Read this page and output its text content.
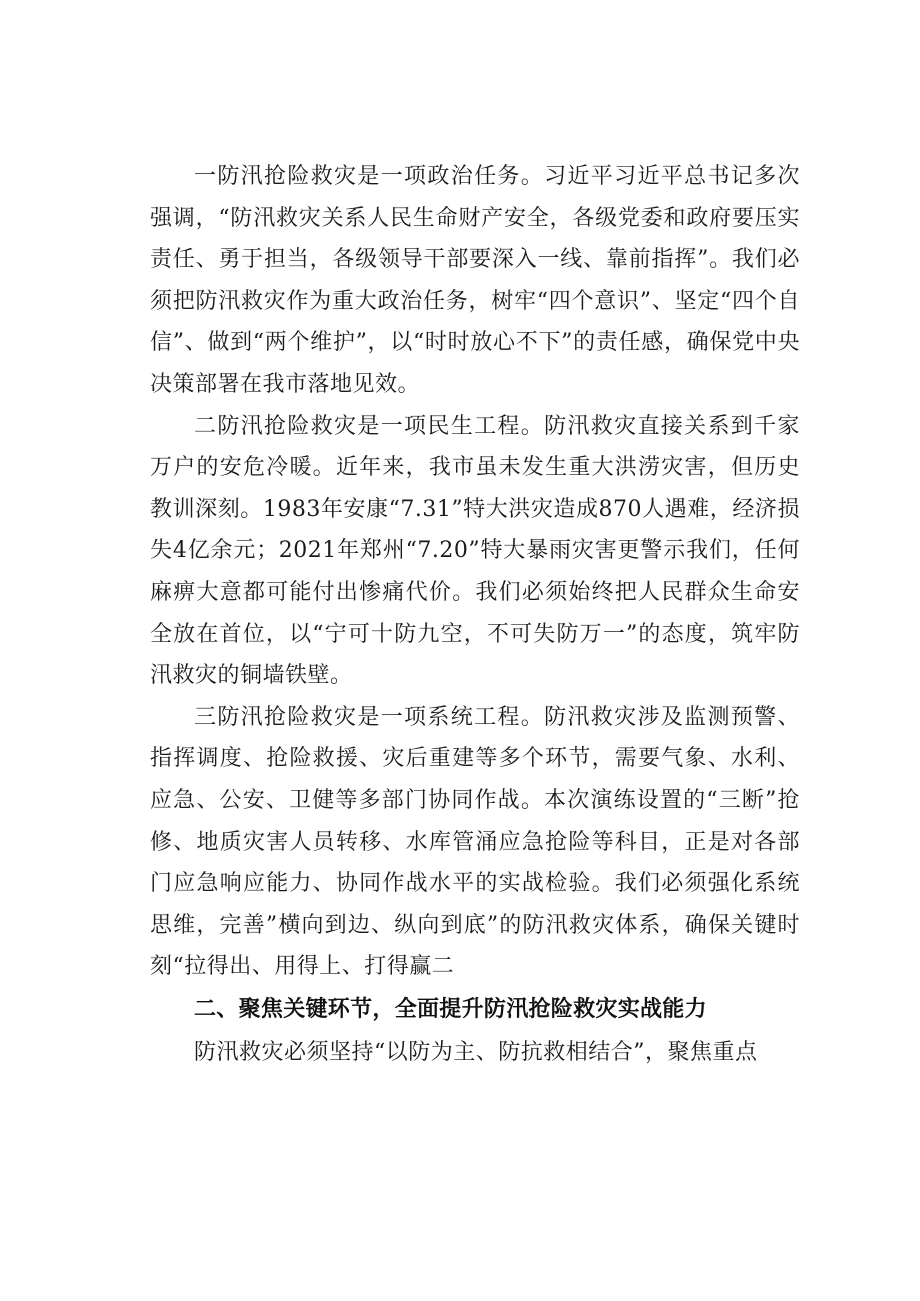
一防汛抢险救灾是一项政治任务。习近平习近平总书记多次强调，“防汛救灾关系人民生命财产安全，各级党委和政府要压实责任、勇于担当，各级领导干部要深入一线、靠前指挥”。我们必须把防汛救灾作为重大政治任务，树牢“四个意识”、坚定“四个自信”、做到“两个维护”，以“时时放心不下”的责任感，确保党中央决策部署在我市落地见效。

二防汛抢险救灾是一项民生工程。防汛救灾直接关系到千家万户的安危冷暖。近年来，我市虽未发生重大洪涝灾害，但历史教训深刻。1983年安康“7.31”特大洪灾造成870人遇难，经济损失4亿余元；2021年郑州“7.20”特大暴雨灾害更警示我们，任何麻痹大意都可能付出惨痛代价。我们必须始终把人民群众生命安全放在首位，以“宁可十防九空，不可失防万一”的态度，筑牢防汛救灾的铜墙铁壁。

三防汛抢险救灾是一项系统工程。防汛救灾涉及监测预警、指挥调度、抢险救援、灾后重建等多个环节，需要气象、水利、应急、公安、卫健等多部门协同作战。本次演练设置的“三断”抢修、地质灾害人员转移、水库管涌应急抢险等科目，正是对各部门应急响应能力、协同作战水平的实战检验。我们必须强化系统思维，完善”横向到边、纵向到底”的防汛救灾体系，确保关键时刻“拉得出、用得上、打得赢二

二、聚焦关键环节，全面提升防汛抢险救灾实战能力

防汛救灾必须坚持“以防为主、防抗救相结合”，聚焦重点
